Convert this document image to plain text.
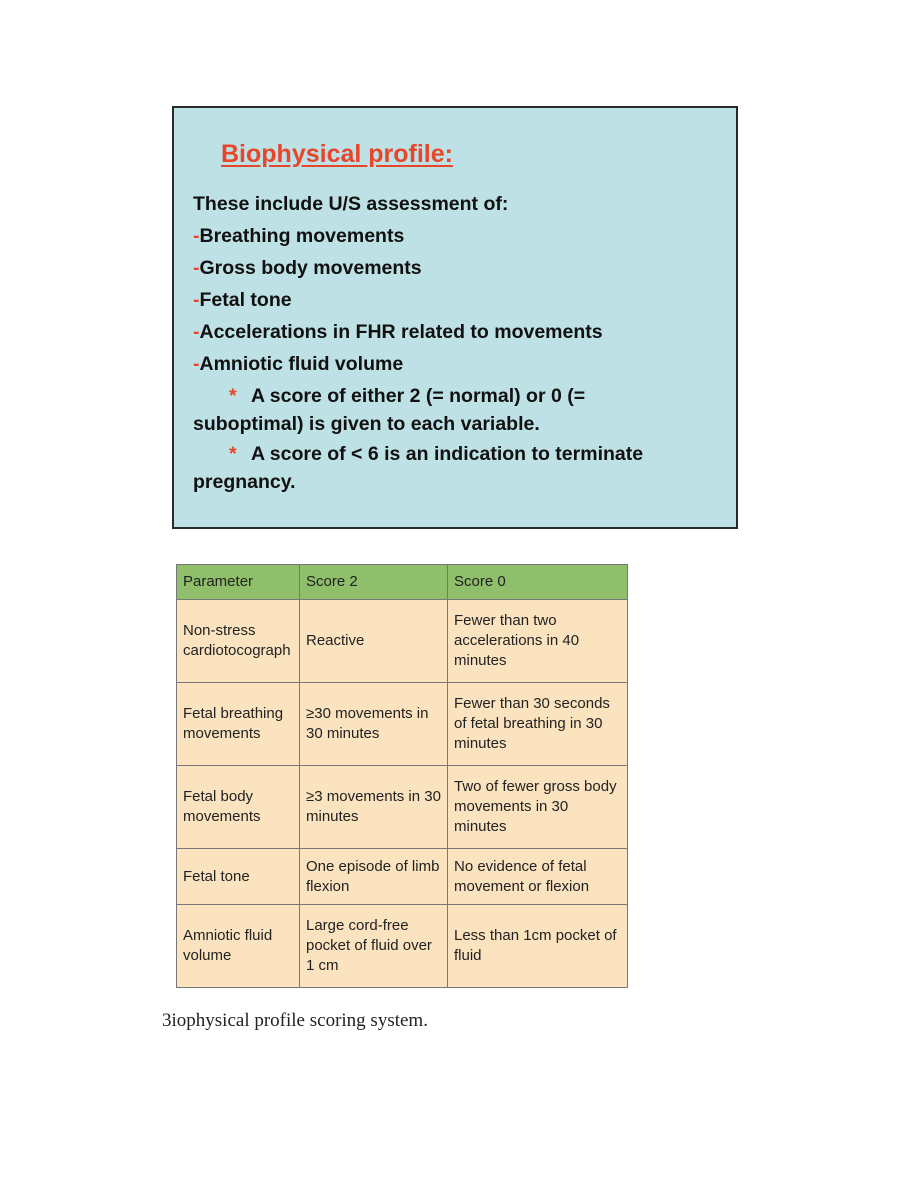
Biophysical profile:
These include U/S assessment of:
-Breathing movements
-Gross body movements
-Fetal tone
-Accelerations in FHR related to movements
-Amniotic fluid volume
* A score of either 2 (= normal) or 0 (=
suboptimal) is given to each variable.
* A score of < 6 is an indication to terminate
pregnancy.
Parameter	Score 2	Score 0
Non-stress cardiotocograph	Reactive	Fewer than two accelerations in 40 minutes
Fetal breathing movements	≥30 movements in 30 minutes	Fewer than 30 seconds of fetal breathing in 30 minutes
Fetal body movements	≥3 movements in 30 minutes	Two of fewer gross body movements in 30 minutes
Fetal tone	One episode of limb flexion	No evidence of fetal movement or flexion
Amniotic fluid volume	Large cord-free pocket of fluid over 1 cm	Less than 1cm pocket of fluid
3iophysical profile scoring system.
